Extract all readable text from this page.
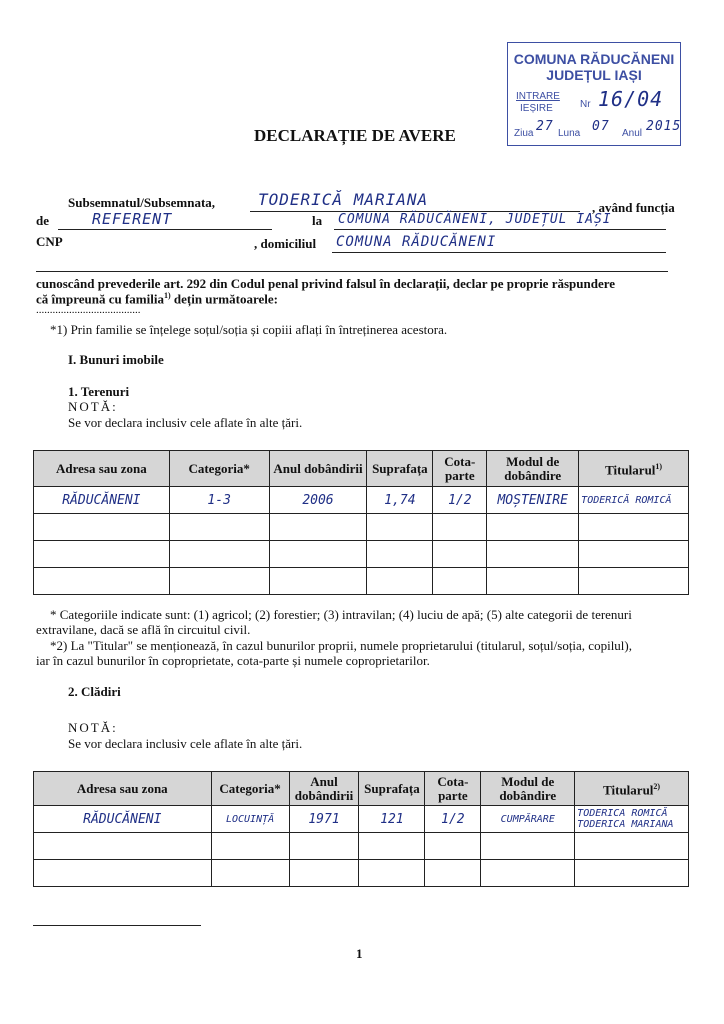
COMUNA RĂDUCĂNENI
JUDEȚUL IAȘI
INTRARE
IEȘIRE	Nr 16/04
Ziua 27 Luna 07 Anul 2015
DECLARAȚIE DE AVERE
Subsemnatul/Subsemnata,	TODERICĂ MARIANA	, având funcția
de	REFERENT	la COMUNA RĂDUCĂNENI, JUDEȚUL IAȘI
CNP	, domiciliul COMUNA RĂDUCĂNENI
cunoscând prevederile art. 292 din Codul penal privind falsul în declarații, declar pe proprie răspundere
că împreună cu familia$^{1)}$ dețin următoarele:
......................................
*1) Prin familie se înțelege soțul/soția și copiii aflați în întreținerea acestora.
I. Bunuri imobile
1. Terenuri
NOTĂ:
Se vor declara inclusiv cele aflate în alte țări.
Adresa sau zona	Categoria*	Anul dobândirii	Suprafața	Cota-parte	Modul de dobândire	Titularul$^{1)}$
RĂDUCĂNENI	1-3	2006	1,74	1/2	MOȘTENIRE	TODERICĂ ROMICĂ

* Categoriile indicate sunt: (1) agricol; (2) forestier; (3) intravilan; (4) luciu de apă; (5) alte categorii de terenuri
extravilane, dacă se află în circuitul civil.
*2) La "Titular" se menționează, în cazul bunurilor proprii, numele proprietarului (titularul, soțul/soția, copilul),
iar în cazul bunurilor în coproprietate, cota-parte și numele coproprietarilor.
2. Clădiri
NOTĂ:
Se vor declara inclusiv cele aflate în alte țări.
Adresa sau zona	Categoria*	Anul dobândirii	Suprafața	Cota-parte	Modul de dobândire	Titularul$^{2)}$
RĂDUCĂNENI	LOCUINȚĂ	1971	121	1/2	CUMPĂRARE	TODERICA ROMICĂ TODERICA MARIANA

1
